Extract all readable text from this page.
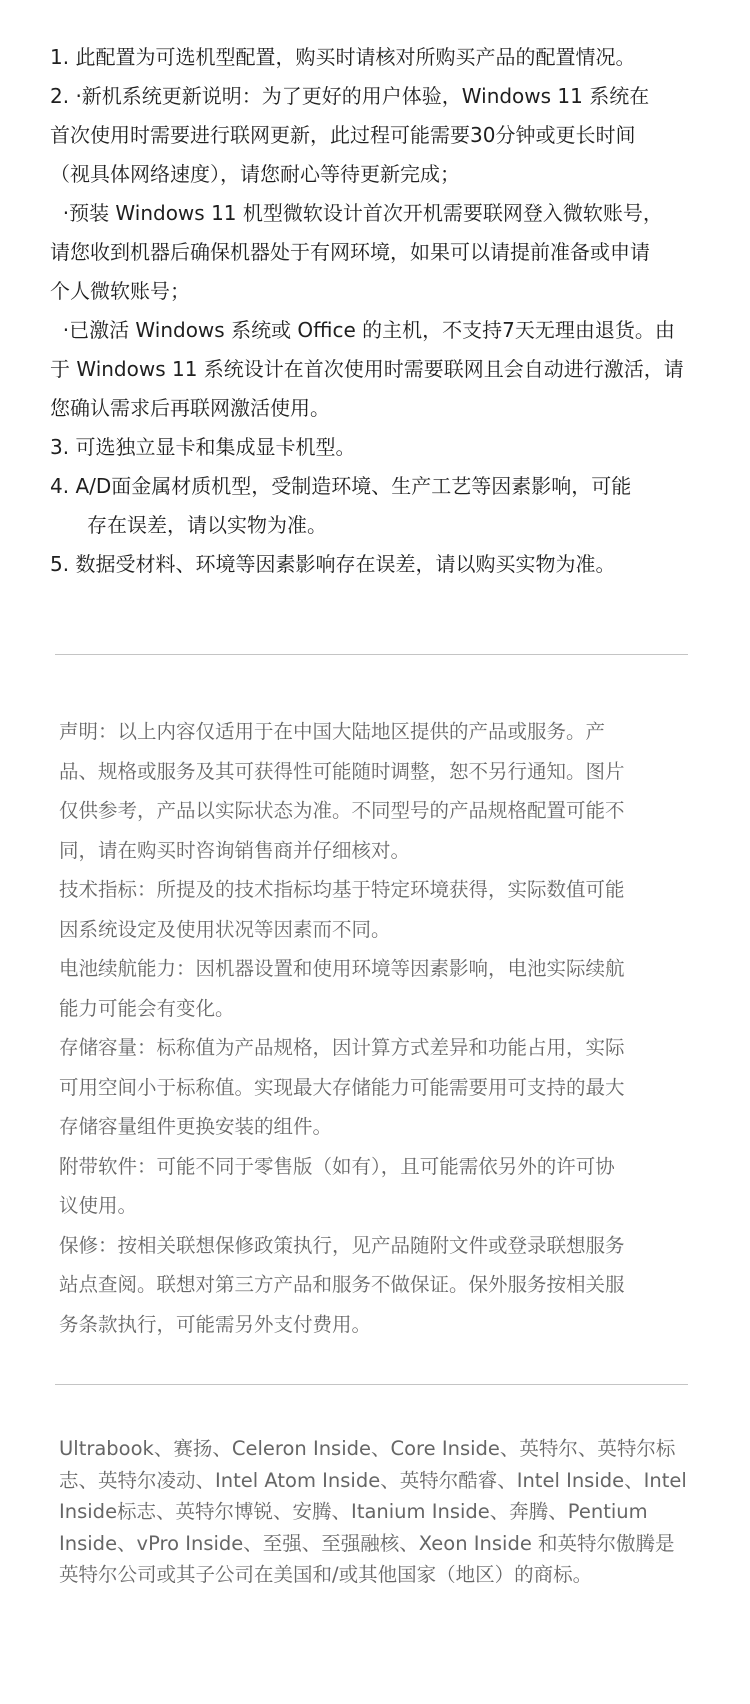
1. 此配置为可选机型配置，购买时请核对所购买产品的配置情况。

2. ·新机系统更新说明：为了更好的用户体验，Windows 11 系统在

首次使用时需要进行联网更新，此过程可能需要30分钟或更长时间

（视具体网络速度），请您耐心等待更新完成；

·预装 Windows 11 机型微软设计首次开机需要联网登入微软账号，

请您收到机器后确保机器处于有网环境，如果可以请提前准备或申请

个人微软账号；

·已激活 Windows 系统或 Office 的主机，不支持7天无理由退货。由

于 Windows 11 系统设计在首次使用时需要联网且会自动进行激活，请

您确认需求后再联网激活使用。

3. 可选独立显卡和集成显卡机型。

4. A/D面金属材质机型，受制造环境、生产工艺等因素影响，可能

存在误差，请以实物为准。

5. 数据受材料、环境等因素影响存在误差，请以购买实物为准。

声明：以上内容仅适用于在中国大陆地区提供的产品或服务。产

品、规格或服务及其可获得性可能随时调整，恕不另行通知。图片

仅供参考，产品以实际状态为准。不同型号的产品规格配置可能不

同，请在购买时咨询销售商并仔细核对。

技术指标：所提及的技术指标均基于特定环境获得，实际数值可能

因系统设定及使用状况等因素而不同。

电池续航能力：因机器设置和使用环境等因素影响，电池实际续航

能力可能会有变化。

存储容量：标称值为产品规格，因计算方式差异和功能占用，实际

可用空间小于标称值。实现最大存储能力可能需要用可支持的最大

存储容量组件更换安装的组件。

附带软件：可能不同于零售版（如有），且可能需依另外的许可协

议使用。

保修：按相关联想保修政策执行，见产品随附文件或登录联想服务

站点查阅。联想对第三方产品和服务不做保证。保外服务按相关服

务条款执行，可能需另外支付费用。

Ultrabook、赛扬、Celeron Inside、Core Inside、英特尔、英特尔标志、英特尔凌动、Intel Atom Inside、英特尔酷睿、Intel Inside、Intel Inside标志、英特尔博锐、安腾、Itanium Inside、奔腾、Pentium Inside、vPro Inside、至强、至强融核、Xeon Inside 和英特尔傲腾是英特尔公司或其子公司在美国和/或其他国家（地区）的商标。
